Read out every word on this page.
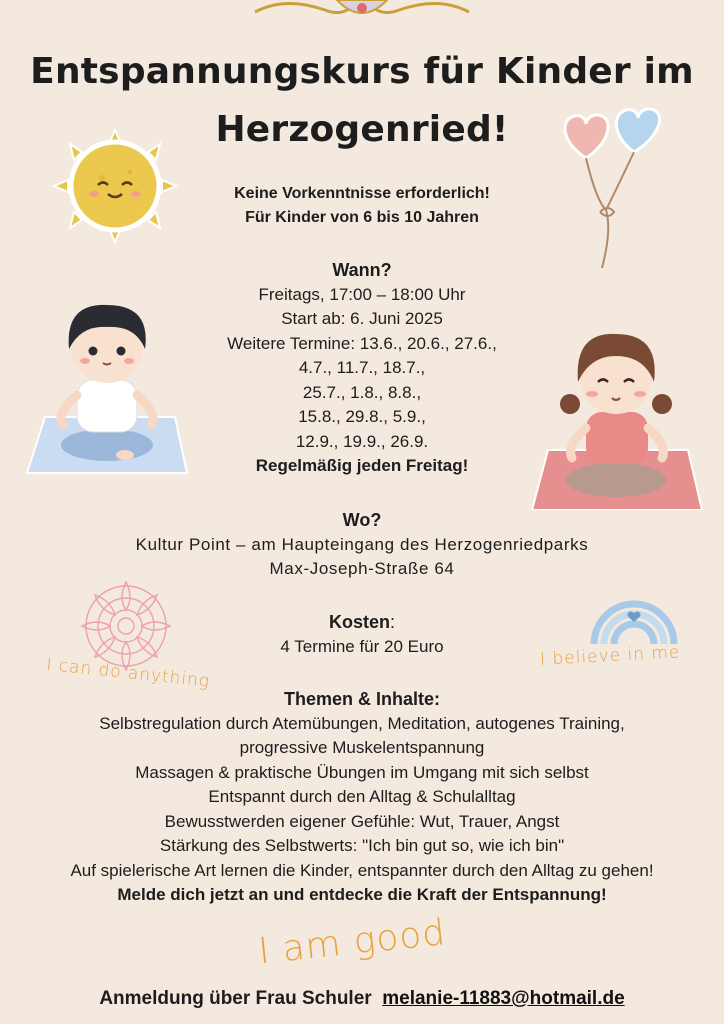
Entspannungskurs für Kinder im
Herzogenried!
Keine Vorkenntnisse erforderlich!
Für Kinder von 6 bis 10 Jahren
Wann?
Freitags, 17:00 – 18:00 Uhr
Start ab: 6. Juni 2025
Weitere Termine: 13.6., 20.6., 27.6.,
4.7., 11.7., 18.7.,
25.7., 1.8., 8.8.,
15.8., 29.8., 5.9.,
12.9., 19.9., 26.9.
Regelmäßig jeden Freitag!
Wo?
Kultur Point – am Haupteingang des Herzogenriedparks
Max-Joseph-Straße 64
I can do anything	I believe in me
Kosten:
4 Termine für 20 Euro
Themen & Inhalte:
Selbstregulation durch Atemübungen, Meditation, autogenes Training,
progressive Muskelentspannung
Massagen & praktische Übungen im Umgang mit sich selbst
Entspannt durch den Alltag & Schulalltag
Bewusstwerden eigener Gefühle: Wut, Trauer, Angst
Stärkung des Selbstwerts: "Ich bin gut so, wie ich bin"
Auf spielerische Art lernen die Kinder, entspannter durch den Alltag zu gehen!
Melde dich jetzt an und entdecke die Kraft der Entspannung!
I am good
Anmeldung über Frau Schuler melanie-11883@hotmail.de
